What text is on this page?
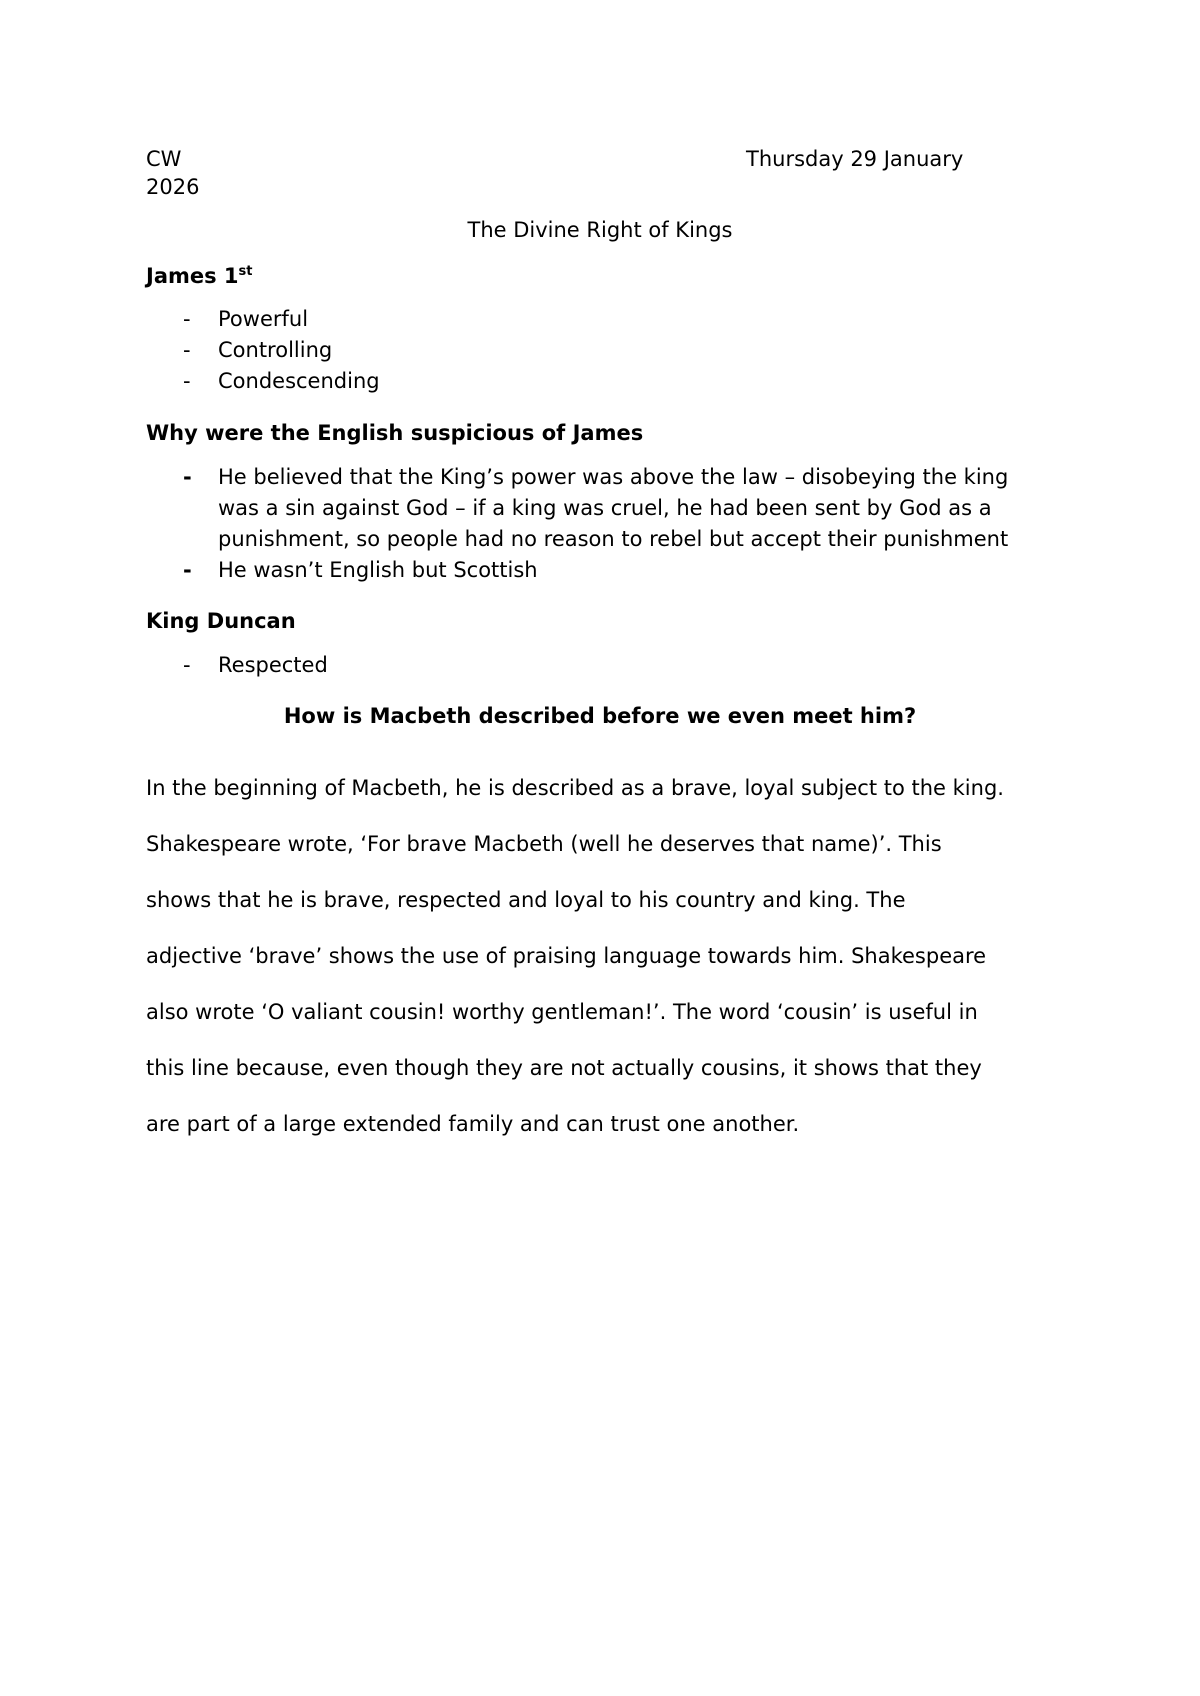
CW	Thursday 29 January
2026
The Divine Right of Kings
James 1st
- Powerful
- Controlling
- Condescending
Why were the English suspicious of James
- He believed that the King’s power was above the law – disobeying the king
was a sin against God – if a king was cruel, he had been sent by God as a
punishment, so people had no reason to rebel but accept their punishment
- He wasn’t English but Scottish
King Duncan
- Respected
How is Macbeth described before we even meet him?

In the beginning of Macbeth, he is described as a brave, loyal subject to the king.

Shakespeare wrote, ‘For brave Macbeth (well he deserves that name)’. This

shows that he is brave, respected and loyal to his country and king. The

adjective ‘brave’ shows the use of praising language towards him. Shakespeare

also wrote ‘O valiant cousin! worthy gentleman!’. The word ‘cousin’ is useful in

this line because, even though they are not actually cousins, it shows that they

are part of a large extended family and can trust one another.
